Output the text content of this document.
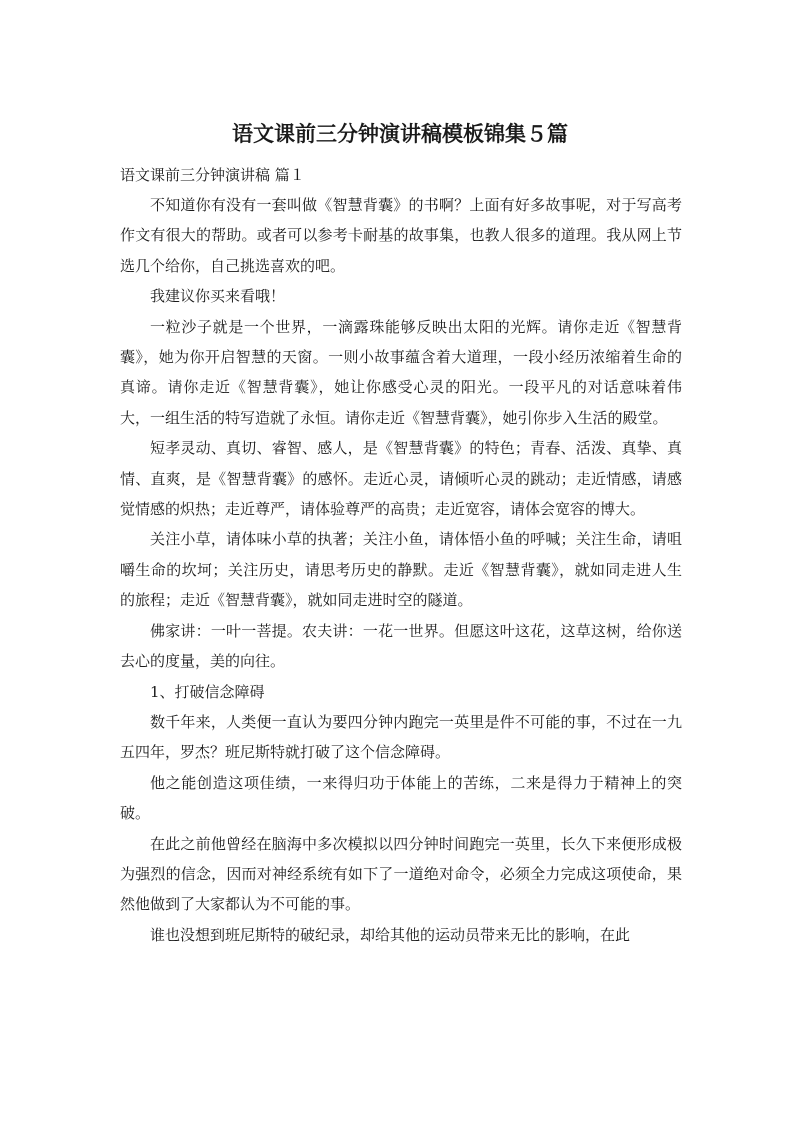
语文课前三分钟演讲稿模板锦集５篇

语文课前三分钟演讲稿 篇１

不知道你有没有一套叫做《智慧背囊》的书啊？上面有好多故事呢，对于写高考作文有很大的帮助。或者可以参考卡耐基的故事集，也教人很多的道理。我从网上节选几个给你，自己挑选喜欢的吧。

我建议你买来看哦！

一粒沙子就是一个世界，一滴露珠能够反映出太阳的光辉。请你走近《智慧背囊》，她为你开启智慧的天窗。一则小故事蕴含着大道理，一段小经历浓缩着生命的真谛。请你走近《智慧背囊》，她让你感受心灵的阳光。一段平凡的对话意味着伟大，一组生活的特写造就了永恒。请你走近《智慧背囊》，她引你步入生活的殿堂。

短孝灵动、真切、睿智、感人，是《智慧背囊》的特色；青春、活泼、真挚、真情、直爽，是《智慧背囊》的感怀。走近心灵，请倾听心灵的跳动；走近情感，请感觉情感的炽热；走近尊严，请体验尊严的高贵；走近宽容，请体会宽容的博大。

关注小草，请体味小草的执著；关注小鱼，请体悟小鱼的呼喊；关注生命，请咀嚼生命的坎坷；关注历史，请思考历史的静默。走近《智慧背囊》，就如同走进人生的旅程；走近《智慧背囊》，就如同走进时空的隧道。

佛家讲：一叶一菩提。农夫讲：一花一世界。但愿这叶这花，这草这树，给你送去心的度量，美的向往。

1、打破信念障碍

数千年来，人类便一直认为要四分钟内跑完一英里是件不可能的事，不过在一九五四年，罗杰？班尼斯特就打破了这个信念障碍。

他之能创造这项佳绩，一来得归功于体能上的苦练，二来是得力于精神上的突破。

在此之前他曾经在脑海中多次模拟以四分钟时间跑完一英里，长久下来便形成极为强烈的信念，因而对神经系统有如下了一道绝对命令，必须全力完成这项使命，果然他做到了大家都认为不可能的事。

谁也没想到班尼斯特的破纪录，却给其他的运动员带来无比的影响，在此
